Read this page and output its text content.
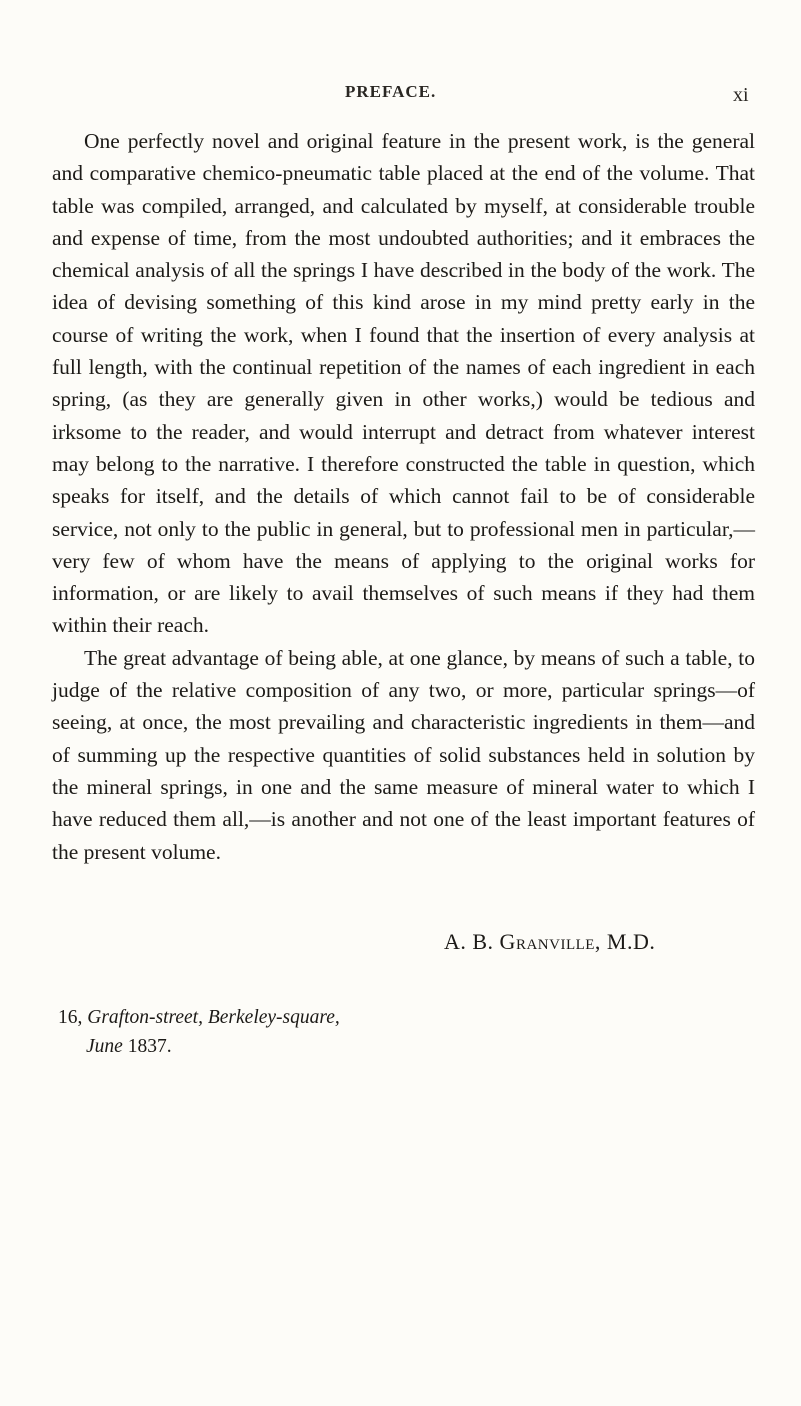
PREFACE.	xi

One perfectly novel and original feature in the present work, is the general and comparative chemico-pneumatic table placed at the end of the volume. That table was compiled, arranged, and calculated by myself, at considerable trouble and expense of time, from the most undoubted authorities; and it embraces the chemical analysis of all the springs I have described in the body of the work. The idea of devising something of this kind arose in my mind pretty early in the course of writing the work, when I found that the insertion of every analysis at full length, with the continual repetition of the names of each ingredient in each spring, (as they are generally given in other works,) would be tedious and irksome to the reader, and would interrupt and detract from whatever interest may belong to the narrative. I therefore constructed the table in question, which speaks for itself, and the details of which cannot fail to be of considerable service, not only to the public in general, but to professional men in particular,—very few of whom have the means of applying to the original works for information, or are likely to avail themselves of such means if they had them within their reach.

The great advantage of being able, at one glance, by means of such a table, to judge of the relative composition of any two, or more, particular springs—of seeing, at once, the most prevailing and characteristic ingredients in them—and of summing up the respective quantities of solid substances held in solution by the mineral springs, in one and the same measure of mineral water to which I have reduced them all,—is another and not one of the least important features of the present volume.

A. B. Granville, M.D.
16, Grafton-street, Berkeley-square,
June 1837.
